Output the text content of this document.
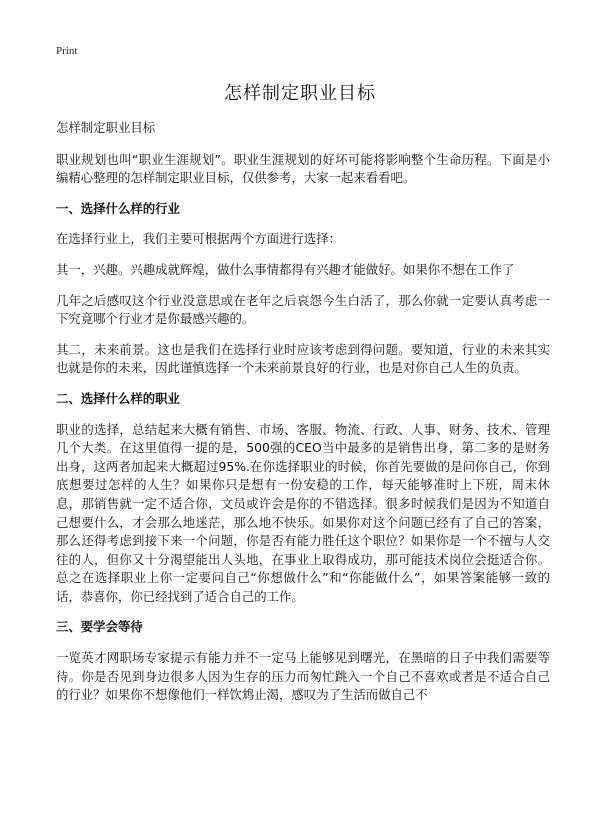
Print
怎样制定职业目标

怎样制定职业目标

职业规划也叫“职业生涯规划”。职业生涯规划的好坏可能将影响整个生命历程。下面是小编精心整理的怎样制定职业目标，仅供参考，大家一起来看看吧。

一、选择什么样的行业

在选择行业上，我们主要可根据两个方面进行选择：

其一，兴趣。兴趣成就辉煌，做什么事情都得有兴趣才能做好。如果你不想在工作了

几年之后感叹这个行业没意思或在老年之后哀怨今生白活了，那么你就一定要认真考虑一下究竟哪个行业才是你最感兴趣的。

其二，未来前景。这也是我们在选择行业时应该考虑到得问题。要知道，行业的未来其实也就是你的未来，因此谨慎选择一个未来前景良好的行业，也是对你自己人生的负责。

二、选择什么样的职业

职业的选择，总结起来大概有销售、市场、客服、物流、行政、人事、财务、技术、管理几个大类。在这里值得一提的是，500强的CEO当中最多的是销售出身，第二多的是财务出身，这两者加起来大概超过95%.在你选择职业的时候，你首先要做的是问你自己，你到底想要过怎样的人生？如果你只是想有一份安稳的工作，每天能够准时上下班，周末休息，那销售就一定不适合你，文员或许会是你的不错选择。很多时候我们是因为不知道自己想要什么，才会那么地迷茫，那么地不快乐。如果你对这个问题已经有了自己的答案，那么还得考虑到接下来一个问题，你是否有能力胜任这个职位？如果你是一个不擅与人交往的人，但你又十分渴望能出人头地，在事业上取得成功，那可能技术岗位会挺适合你。总之在选择职业上你一定要问自己“你想做什么”和“你能做什么”，如果答案能够一致的话，恭喜你，你已经找到了适合自己的工作。

三、要学会等待

一览英才网职场专家提示有能力并不一定马上能够见到曙光，在黑暗的日子中我们需要等待。你是否见到身边很多人因为生存的压力而匆忙跳入一个自己不喜欢或者是不适合自己的行业？如果你不想像他们一样饮鸩止渴，感叹为了生活而做自己不
